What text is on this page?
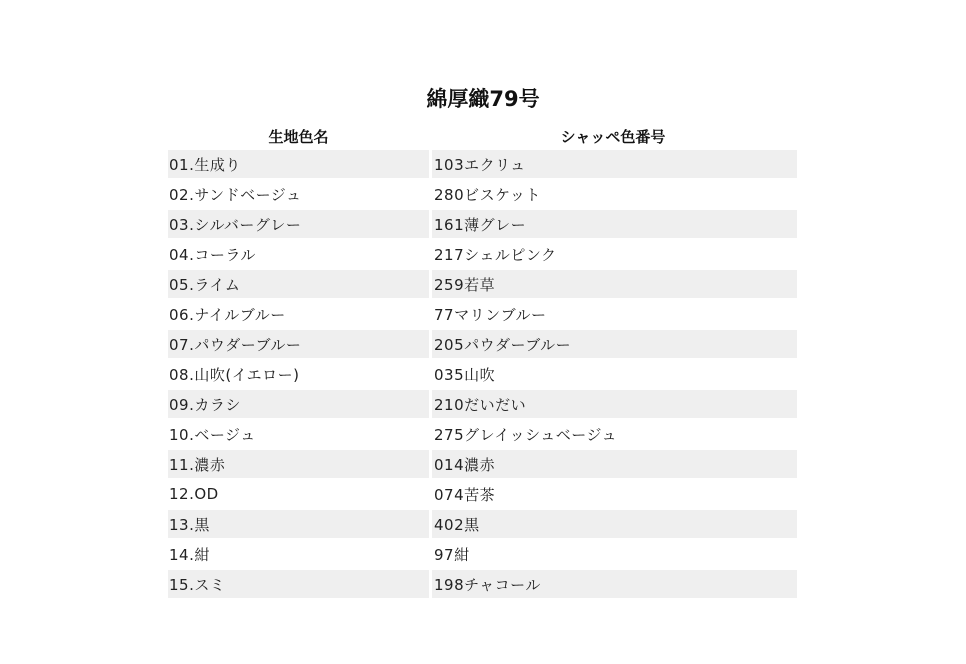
綿厚織79号
生地色名	シャッペ色番号
01.生成り	103エクリュ
02.サンドベージュ	280ビスケット
03.シルバーグレー	161薄グレー
04.コーラル	217シェルピンク
05.ライム	259若草
06.ナイルブルー	77マリンブルー
07.パウダーブルー	205パウダーブルー
08.山吹(イエロー)	035山吹
09.カラシ	210だいだい
10.ベージュ	275グレイッシュベージュ
11.濃赤	014濃赤
12.OD	074苦茶
13.黒	402黒
14.紺	97紺
15.スミ	198チャコール
